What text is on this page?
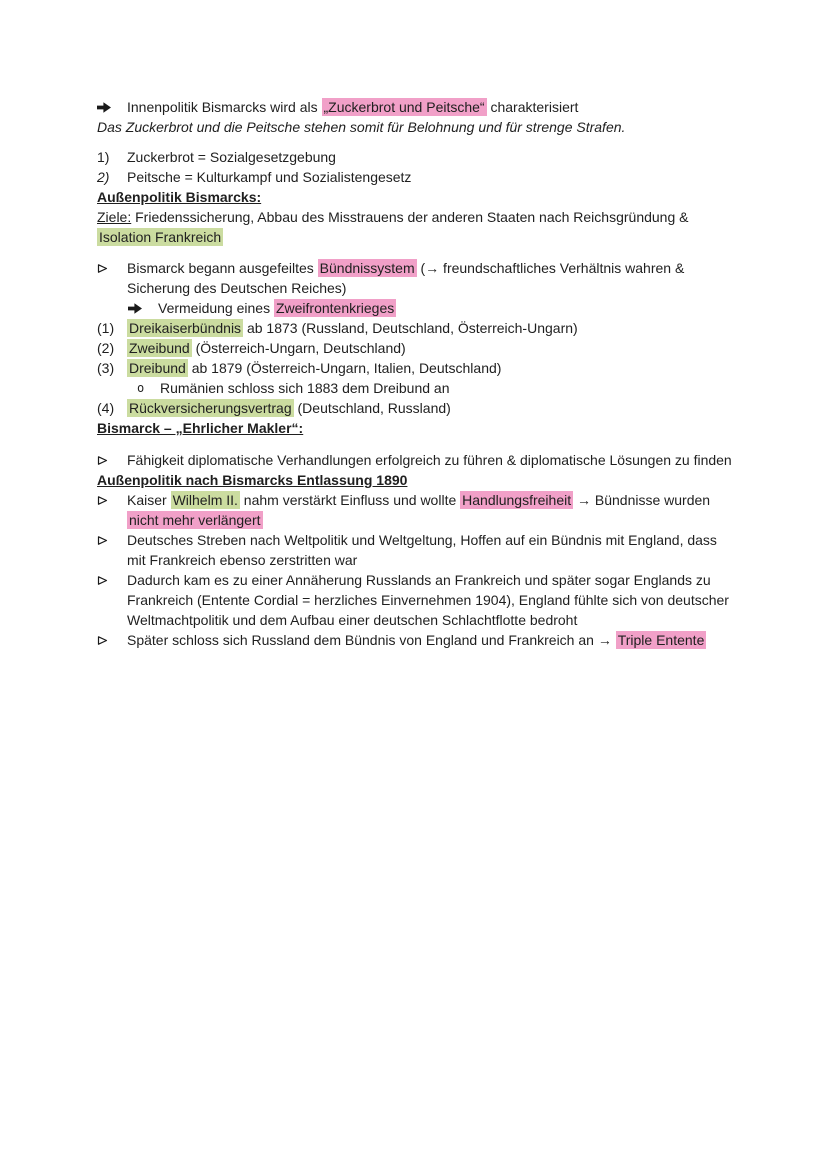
Innenpolitik Bismarcks wird als „Zuckerbrot und Peitsche“ charakterisiert
Das Zuckerbrot und die Peitsche stehen somit für Belohnung und für strenge Strafen.
1)	Zuckerbrot = Sozialgesetzgebung
2)	Peitsche = Kulturkampf und Sozialistengesetz
Außenpolitik Bismarcks:
Ziele: Friedenssicherung, Abbau des Misstrauens der anderen Staaten nach Reichsgründung & Isolation Frankreich
Bismarck begann ausgefeiltes Bündnissystem (→ freundschaftliches Verhältnis wahren & Sicherung des Deutschen Reiches)
Vermeidung eines Zweifrontenkrieges
(1)	Dreikaiserbündnis ab 1873 (Russland, Deutschland, Österreich-Ungarn)
(2)	Zweibund (Österreich-Ungarn, Deutschland)
(3)	Dreibund ab 1879 (Österreich-Ungarn, Italien, Deutschland)
o	Rumänien schloss sich 1883 dem Dreibund an
(4)	Rückversicherungsvertrag (Deutschland, Russland)
Bismarck – „Ehrlicher Makler“:
Fähigkeit diplomatische Verhandlungen erfolgreich zu führen & diplomatische Lösungen zu finden
Außenpolitik nach Bismarcks Entlassung 1890
Kaiser Wilhelm II. nahm verstärkt Einfluss und wollte Handlungsfreiheit → Bündnisse wurden nicht mehr verlängert
Deutsches Streben nach Weltpolitik und Weltgeltung, Hoffen auf ein Bündnis mit England, dass mit Frankreich ebenso zerstritten war
Dadurch kam es zu einer Annäherung Russlands an Frankreich und später sogar Englands zu Frankreich (Entente Cordial = herzliches Einvernehmen 1904), England fühlte sich von deutscher Weltmachtpolitik und dem Aufbau einer deutschen Schlachtflotte bedroht
Später schloss sich Russland dem Bündnis von England und Frankreich an → Triple Entente
